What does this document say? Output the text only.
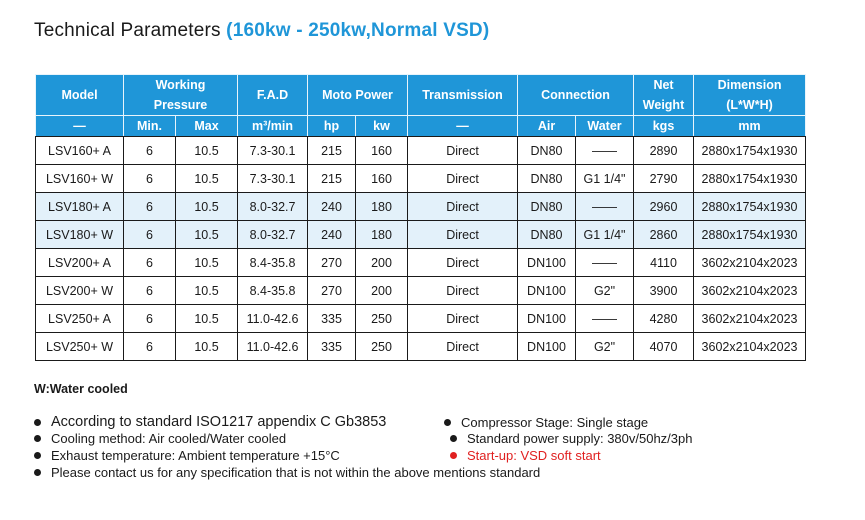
Technical Parameters (160kw - 250kw,Normal VSD)
Model	Working Pressure		F.A.D	Moto Power		Transmission	Connection		Net Weight	Dimension (L*W*H)

—	Min.	Max	m³/min	hp	kw	—	Air	Water	kgs	mm
LSV160+ A	6	10.5	7.3-30.1	215	160	Direct	DN80	——	2890	2880x1754x1930
LSV160+ W	6	10.5	7.3-30.1	215	160	Direct	DN80	G1 1/4"	2790	2880x1754x1930
LSV180+ A	6	10.5	8.0-32.7	240	180	Direct	DN80	——	2960	2880x1754x1930
LSV180+ W	6	10.5	8.0-32.7	240	180	Direct	DN80	G1 1/4"	2860	2880x1754x1930
LSV200+ A	6	10.5	8.4-35.8	270	200	Direct	DN100	——	4110	3602x2104x2023
LSV200+ W	6	10.5	8.4-35.8	270	200	Direct	DN100	G2"	3900	3602x2104x2023
LSV250+ A	6	10.5	11.0-42.6	335	250	Direct	DN100	——	4280	3602x2104x2023
LSV250+ W	6	10.5	11.0-42.6	335	250	Direct	DN100	G2"	4070	3602x2104x2023
W:Water cooled
According to standard ISO1217 appendix C Gb3853
Cooling method: Air cooled/Water cooled
Exhaust temperature: Ambient temperature +15°C
Please contact us for any specification that is not within the above mentions standard
Compressor Stage: Single stage
Standard power supply: 380v/50hz/3ph
Start-up: VSD soft start
